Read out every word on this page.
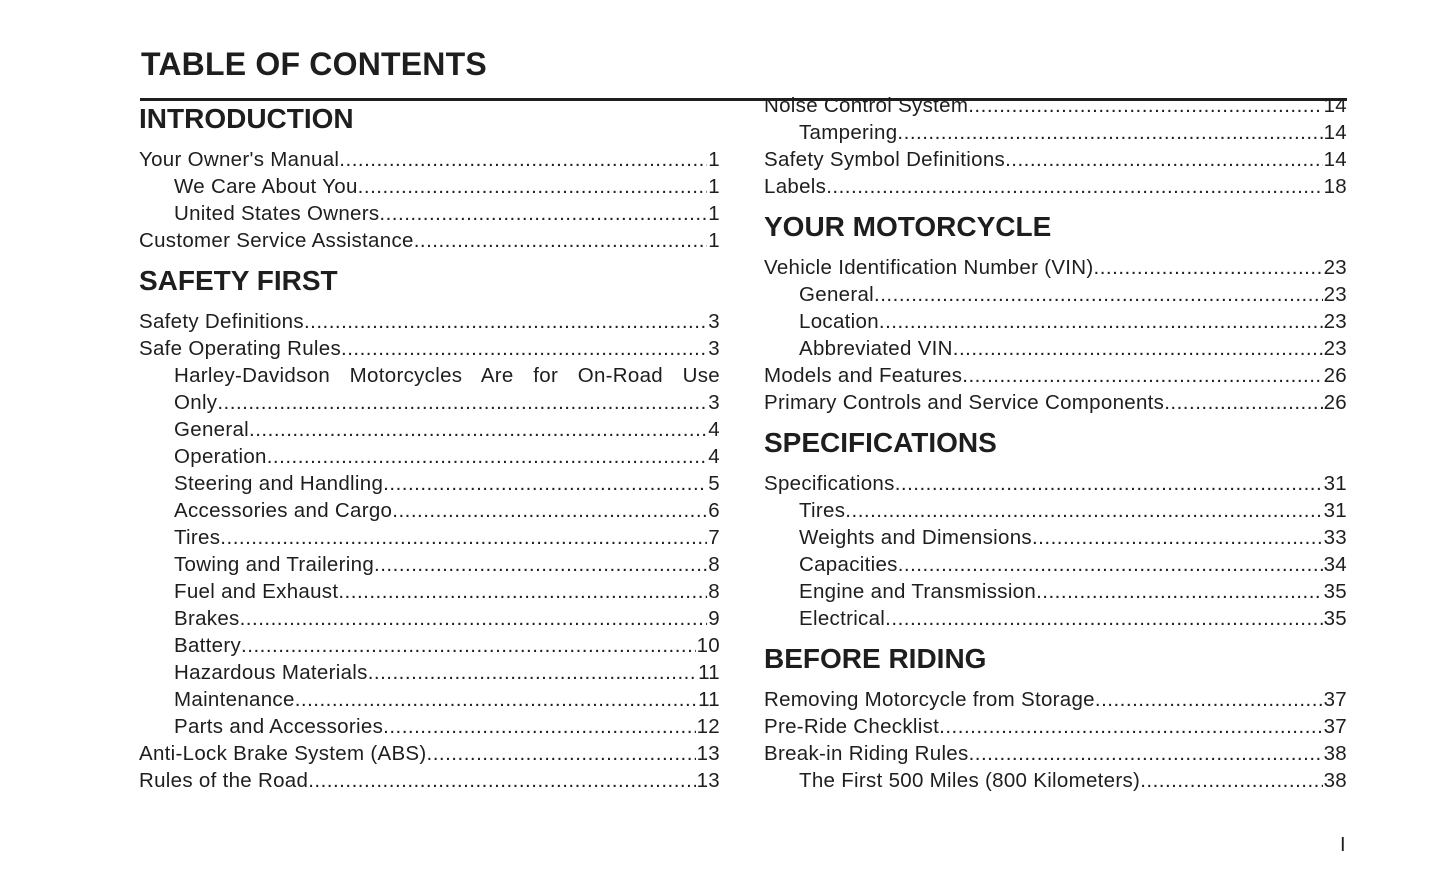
TABLE OF CONTENTS
INTRODUCTION
Your Owner's Manual .....	1
We Care About You .....	1
United States Owners .....	1
Customer Service Assistance .....	1
SAFETY FIRST
Safety Definitions .....	3
Safe Operating Rules .....	3
Harley-Davidson Motorcycles Are for On-Road Use
Only .....	3
General .....	4
Operation .....	4
Steering and Handling .....	5
Accessories and Cargo .....	6
Tires .....	7
Towing and Trailering .....	8
Fuel and Exhaust .....	8
Brakes .....	9
Battery .....	10
Hazardous Materials .....	11
Maintenance .....	11
Parts and Accessories .....	12
Anti-Lock Brake System (ABS) .....	13
Rules of the Road .....	13
Noise Control System .....	14
Tampering .....	14
Safety Symbol Definitions .....	14
Labels .....	18
YOUR MOTORCYCLE
Vehicle Identification Number (VIN) .....	23
General .....	23
Location .....	23
Abbreviated VIN .....	23
Models and Features .....	26
Primary Controls and Service Components .....	26
SPECIFICATIONS
Specifications .....	31
Tires .....	31
Weights and Dimensions .....	33
Capacities .....	34
Engine and Transmission .....	35
Electrical .....	35
BEFORE RIDING
Removing Motorcycle from Storage .....	37
Pre-Ride Checklist .....	37
Break-in Riding Rules .....	38
The First 500 Miles (800 Kilometers) .....	38
I
